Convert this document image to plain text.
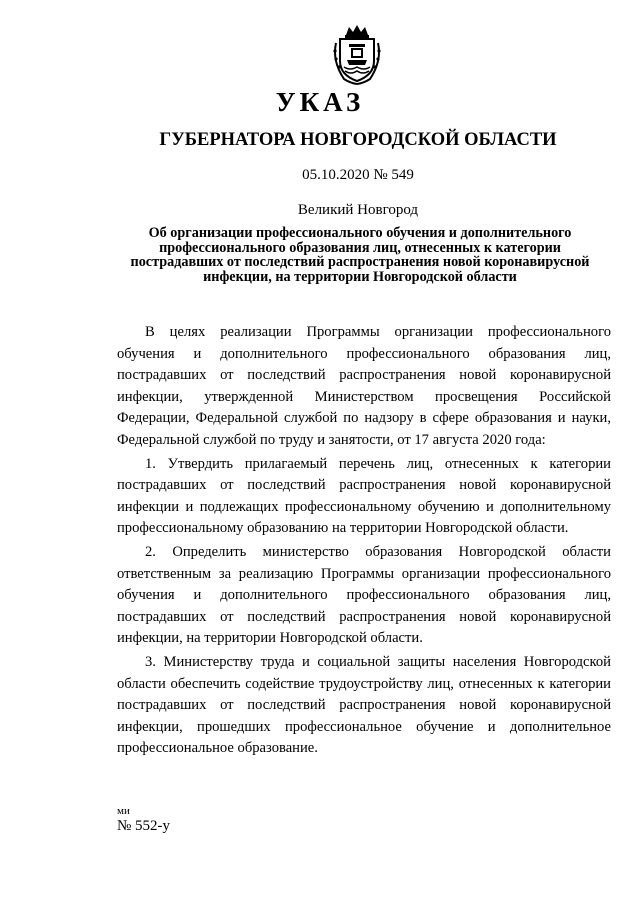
УКАЗ
ГУБЕРНАТОРА НОВГОРОДСКОЙ ОБЛАСТИ
05.10.2020 № 549
Великий Новгород
Об организации профессионального обучения и дополнительного
профессионального образования лиц, отнесенных к категории
пострадавших от последствий распространения новой коронавирусной
инфекции, на территории Новгородской области

В целях реализации Программы организации профессионального обучения и дополнительного профессионального образования лиц, пострадавших от последствий распространения новой коронавирусной инфекции, утвержденной Министерством просвещения Российской Федерации, Федеральной службой по надзору в сфере образования и науки, Федеральной службой по труду и занятости, от 17 августа 2020 года:

1. Утвердить прилагаемый перечень лиц, отнесенных к категории пострадавших от последствий распространения новой коронавирусной инфекции и подлежащих профессиональному обучению и дополнительному профессиональному образованию на территории Новгородской области.

2. Определить министерство образования Новгородской области ответственным за реализацию Программы организации профессионального обучения и дополнительного профессионального образования лиц, пострадавших от последствий распространения новой коронавирусной инфекции, на территории Новгородской области.

3. Министерству труда и социальной защиты населения Новгородской области обеспечить содействие трудоустройству лиц, отнесенных к категории пострадавших от последствий распространения новой коронавирусной инфекции, прошедших профессиональное обучение и дополнительное профессиональное образование.

ми
№ 552-у
